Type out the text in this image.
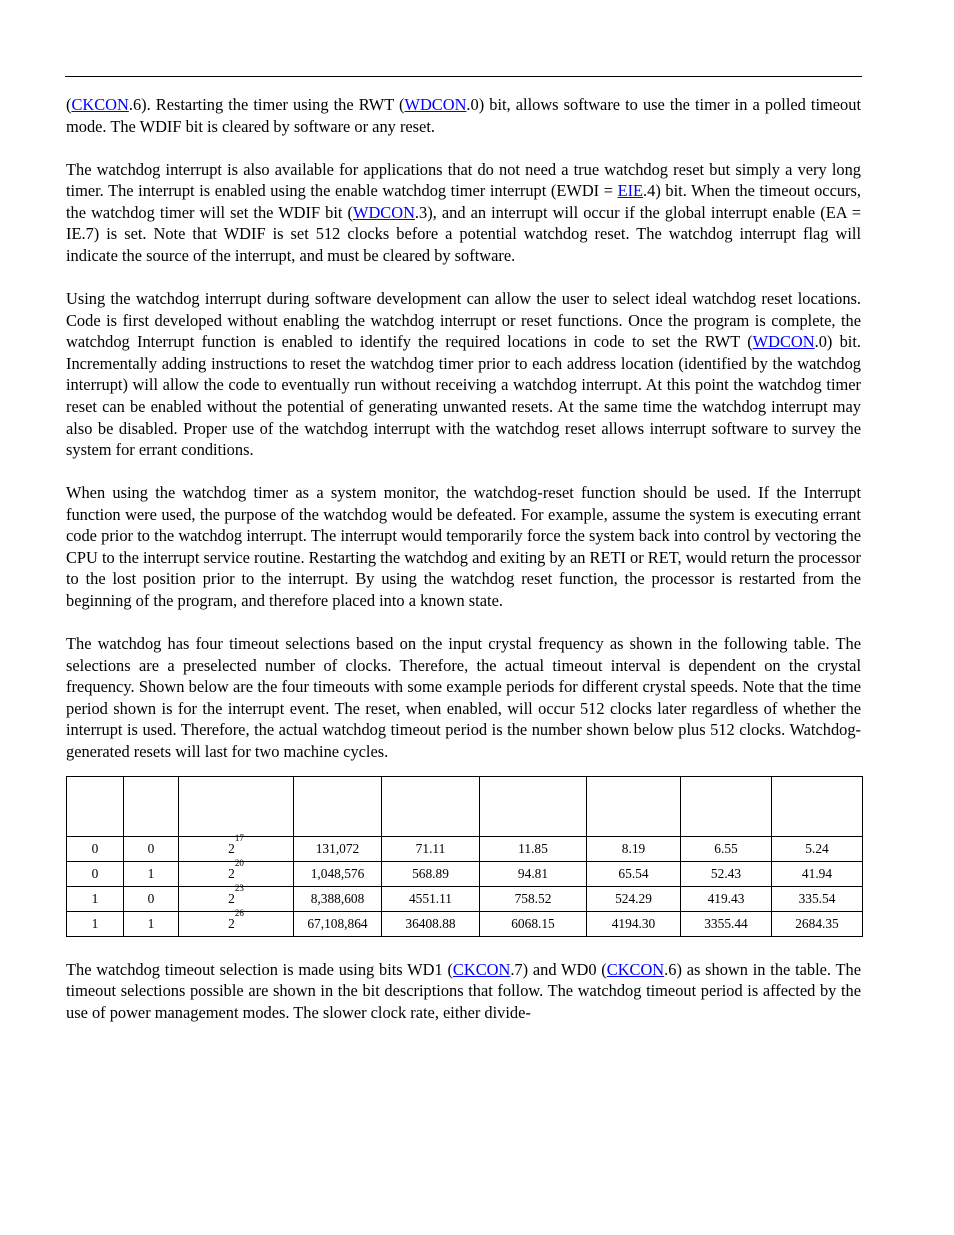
(CKCON.6). Restarting the timer using the RWT (WDCON.0) bit, allows software to use the timer in a polled timeout mode. The WDIF bit is cleared by software or any reset.

The watchdog interrupt is also available for applications that do not need a true watchdog reset but simply a very long timer. The interrupt is enabled using the enable watchdog timer interrupt (EWDI = EIE.4) bit. When the timeout occurs, the watchdog timer will set the WDIF bit (WDCON.3), and an interrupt will occur if the global interrupt enable (EA = IE.7) is set. Note that WDIF is set 512 clocks before a potential watchdog reset. The watchdog interrupt flag will indicate the source of the interrupt, and must be cleared by software.

Using the watchdog interrupt during software development can allow the user to select ideal watchdog reset locations. Code is first developed without enabling the watchdog interrupt or reset functions. Once the program is complete, the watchdog Interrupt function is enabled to identify the required locations in code to set the RWT (WDCON.0) bit. Incrementally adding instructions to reset the watchdog timer prior to each address location (identified by the watchdog interrupt) will allow the code to eventually run without receiving a watchdog interrupt. At this point the watchdog timer reset can be enabled without the potential of generating unwanted resets. At the same time the watchdog interrupt may also be disabled. Proper use of the watchdog interrupt with the watchdog reset allows interrupt software to survey the system for errant conditions.

When using the watchdog timer as a system monitor, the watchdog-reset function should be used. If the Interrupt function were used, the purpose of the watchdog would be defeated. For example, assume the system is executing errant code prior to the watchdog interrupt. The interrupt would temporarily force the system back into control by vectoring the CPU to the interrupt service routine. Restarting the watchdog and exiting by an RETI or RET, would return the processor to the lost position prior to the interrupt. By using the watchdog reset function, the processor is restarted from the beginning of the program, and therefore placed into a known state.

The watchdog has four timeout selections based on the input crystal frequency as shown in the following table. The selections are a preselected number of clocks. Therefore, the actual timeout interval is dependent on the crystal frequency. Shown below are the four timeouts with some example periods for different crystal speeds. Note that the time period shown is for the interrupt event. The reset, when enabled, will occur 512 clocks later regardless of whether the interrupt is used. Therefore, the actual watchdog timeout period is the number shown below plus 512 clocks. Watchdog-generated resets will last for two machine cycles.

0	0	$2^{17}$	131,072	71.11	11.85	8.19	6.55	5.24
0	1	$2^{20}$	1,048,576	568.89	94.81	65.54	52.43	41.94
1	0	$2^{23}$	8,388,608	4551.11	758.52	524.29	419.43	335.54
1	1	$2^{26}$	67,108,864	36408.88	6068.15	4194.30	3355.44	2684.35

The watchdog timeout selection is made using bits WD1 (CKCON.7) and WD0 (CKCON.6) as shown in the table. The timeout selections possible are shown in the bit descriptions that follow. The watchdog timeout period is affected by the use of power management modes. The slower clock rate, either divide-
